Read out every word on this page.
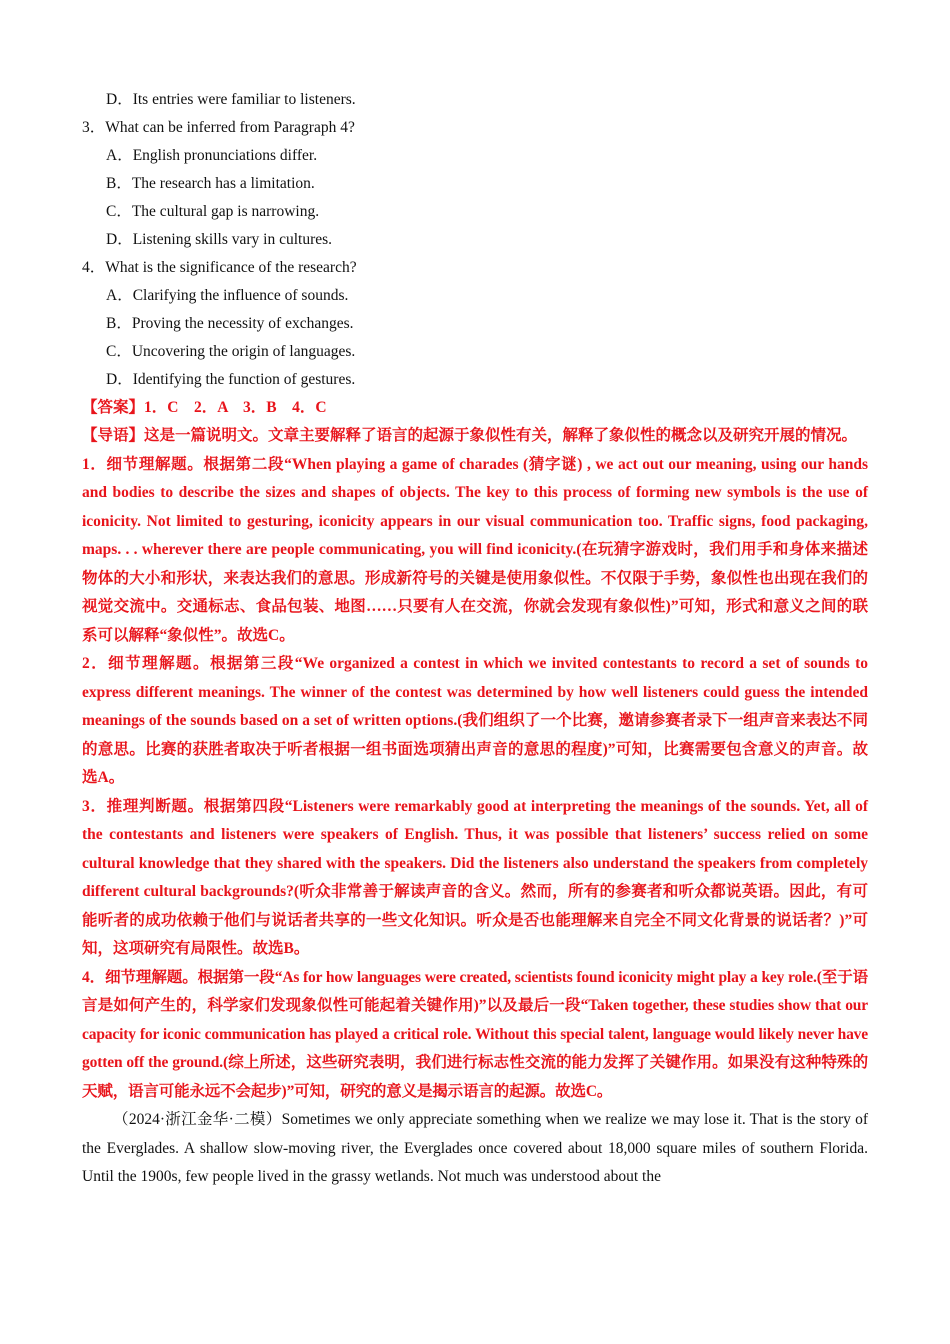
D．Its entries were familiar to listeners.
3．What can be inferred from Paragraph 4?
A．English pronunciations differ.
B．The research has a limitation.
C．The cultural gap is narrowing.
D．Listening skills vary in cultures.
4．What is the significance of the research?
A．Clarifying the influence of sounds.
B．Proving the necessity of exchanges.
C．Uncovering the origin of languages.
D．Identifying the function of gestures.
【答案】1．C　2．A　3．B　4．C
【导语】这是一篇说明文。文章主要解释了语言的起源于象似性有关，解释了象似性的概念以及研究开展的情况。
1．细节理解题。根据第二段“When playing a game of charades (猜字谜) , we act out our meaning, using our hands and bodies to describe the sizes and shapes of objects. The key to this process of forming new symbols is the use of iconicity. Not limited to gesturing, iconicity appears in our visual communication too. Traffic signs, food packaging, maps. . . wherever there are people communicating, you will find iconicity.(在玩猜字游戏时，我们用手和身体来描述物体的大小和形状，来表达我们的意思。形成新符号的关键是使用象似性。不仅限于手势，象似性也出现在我们的视觉交流中。交通标志、食品包装、地图……只要有人在交流，你就会发现有象似性)”可知，形式和意义之间的联系可以解释“象似性”。故选C。
2．细节理解题。根据第三段“We organized a contest in which we invited contestants to record a set of sounds to express different meanings. The winner of the contest was determined by how well listeners could guess the intended meanings of the sounds based on a set of written options.(我们组织了一个比赛，邀请参赛者录下一组声音来表达不同的意思。比赛的获胜者取决于听者根据一组书面选项猜出声音的意思的程度)”可知，比赛需要包含意义的声音。故选A。
3．推理判断题。根据第四段“Listeners were remarkably good at interpreting the meanings of the sounds. Yet, all of the contestants and listeners were speakers of English. Thus, it was possible that listeners’ success relied on some cultural knowledge that they shared with the speakers. Did the listeners also understand the speakers from completely different cultural backgrounds?(听众非常善于解读声音的含义。然而，所有的参赛者和听众都说英语。因此，有可能听者的成功依赖于他们与说话者共享的一些文化知识。听众是否也能理解来自完全不同文化背景的说话者？)”可知，这项研究有局限性。故选B。
4．细节理解题。根据第一段“As for how languages were created, scientists found iconicity might play a key role.(至于语言是如何产生的，科学家们发现象似性可能起着关键作用)”以及最后一段“Taken together, these studies show that our capacity for iconic communication has played a critical role. Without this special talent, language would likely never have gotten off the ground.(综上所述，这些研究表明，我们进行标志性交流的能力发挥了关键作用。如果没有这种特殊的天赋，语言可能永远不会起步)”可知，研究的意义是揭示语言的起源。故选C。
（2024·浙江金华·二模）Sometimes we only appreciate something when we realize we may lose it. That is the story of the Everglades. A shallow slow-moving river, the Everglades once covered about 18,000 square miles of southern Florida. Until the 1900s, few people lived in the grassy wetlands. Not much was understood about the
